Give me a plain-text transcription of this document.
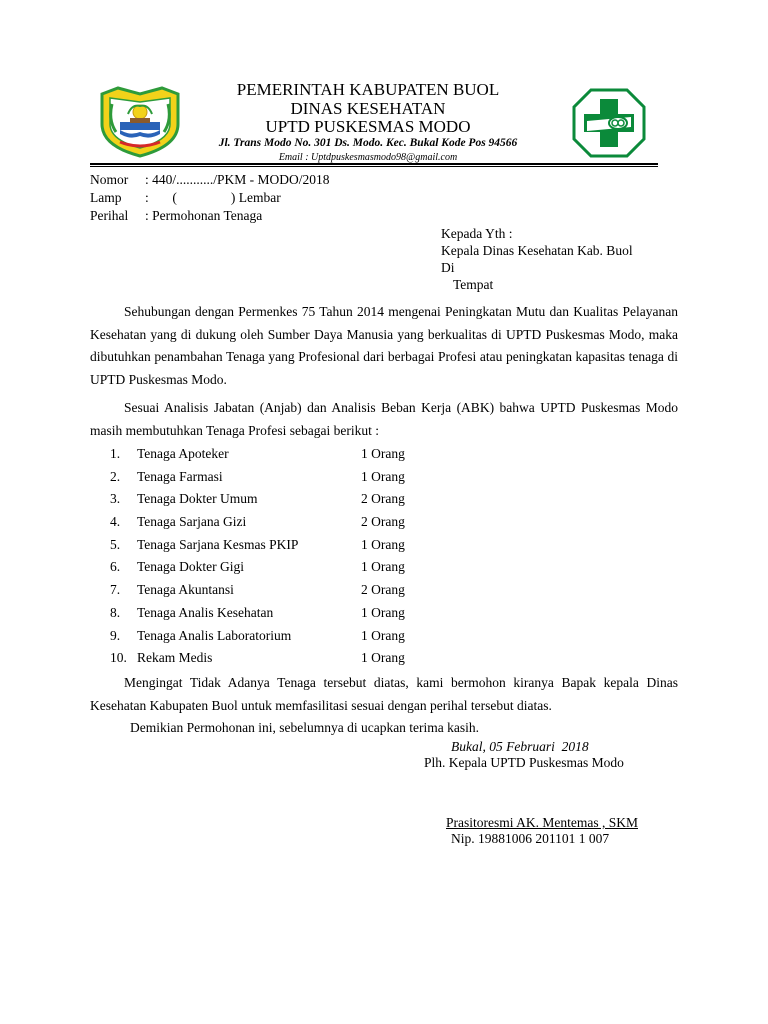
PEMERINTAH KABUPATEN BUOL
DINAS KESEHATAN
UPTD PUSKESMAS MODO
Jl. Trans Modo No. 301 Ds. Modo. Kec. Bukal Kode Pos 94566
Email : Uptdpuskesmasmodo98@gmail.com
Nomor : 440/.........../PKM - MODO/2018
Lamp :       (                ) Lembar
Perihal : Permohonan Tenaga
Kepada Yth :
Kepala Dinas Kesehatan Kab. Buol
Di
Tempat
Sehubungan dengan Permenkes 75 Tahun 2014 mengenai Peningkatan Mutu dan Kualitas Pelayanan Kesehatan yang di dukung oleh Sumber Daya Manusia yang berkualitas di UPTD Puskesmas Modo, maka dibutuhkan penambahan Tenaga yang Profesional dari berbagai Profesi atau peningkatan kapasitas tenaga di UPTD Puskesmas Modo.
Sesuai Analisis Jabatan (Anjab) dan Analisis Beban Kerja (ABK) bahwa UPTD Puskesmas Modo masih membutuhkan Tenaga Profesi sebagai berikut :
1.	Tenaga Apoteker	1 Orang
2.	Tenaga Farmasi	1 Orang
3.	Tenaga Dokter Umum	2 Orang
4.	Tenaga Sarjana Gizi	2 Orang
5.	Tenaga Sarjana Kesmas PKIP	1 Orang
6.	Tenaga Dokter Gigi	1 Orang
7.	Tenaga Akuntansi	2 Orang
8.	Tenaga Analis Kesehatan	1 Orang
9.	Tenaga Analis Laboratorium	1 Orang
10. Rekam Medis	1 Orang
Mengingat Tidak Adanya Tenaga tersebut diatas, kami bermohon kiranya Bapak kepala Dinas Kesehatan Kabupaten Buol untuk memfasilitasi sesuai dengan perihal tersebut diatas.
Demikian Permohonan ini, sebelumnya di ucapkan terima kasih.
Bukal, 05 Februari  2018
Plh. Kepala UPTD Puskesmas Modo
Prasitoresmi AK. Mentemas , SKM
Nip. 19881006 201101 1 007
